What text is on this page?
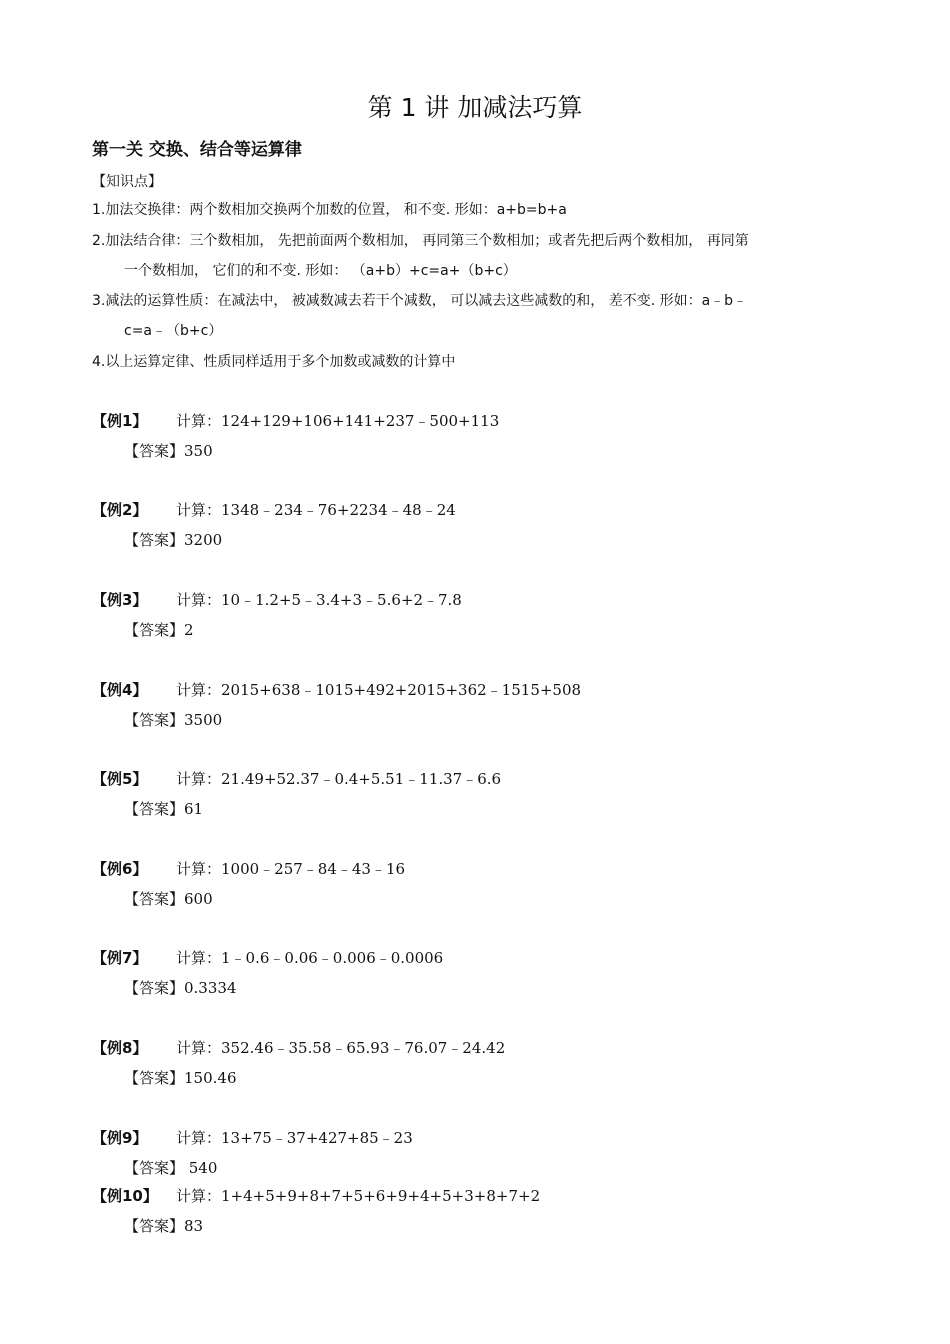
第 1 讲 加减法巧算
第一关 交换、结合等运算律
【知识点】
1.加法交换律：两个数相加交换两个加数的位置， 和不变. 形如：a+b=b+a
2.加法结合律：三个数相加， 先把前面两个数相加， 再同第三个数相加；或者先把后两个数相加， 再同第
一个数相加， 它们的和不变. 形如： （a+b）+c=a+（b+c）
3.减法的运算性质：在减法中， 被减数减去若干个减数， 可以减去这些减数的和， 差不变. 形如：a﹣b﹣
c=a﹣（b+c）
4.以上运算定律、性质同样适用于多个加数或减数的计算中
【例1】 计算：124+129+106+141+237﹣500+113
【答案】350
【例2】 计算：1348﹣234﹣76+2234﹣48﹣24
【答案】3200
【例3】 计算：10﹣1.2+5﹣3.4+3﹣5.6+2﹣7.8
【答案】2
【例4】 计算：2015+638﹣1015+492+2015+362﹣1515+508
【答案】3500
【例5】 计算：21.49+52.37﹣0.4+5.51﹣11.37﹣6.6
【答案】61
【例6】 计算：1000﹣257﹣84﹣43﹣16
【答案】600
【例7】 计算：1﹣0.6﹣0.06﹣0.006﹣0.0006
【答案】0.3334
【例8】 计算：352.46﹣35.58﹣65.93﹣76.07﹣24.42
【答案】150.46
【例9】 计算：13+75﹣37+427+85﹣23
【答案】 540
【例10】 计算：1+4+5+9+8+7+5+6+9+4+5+3+8+7+2
【答案】83
